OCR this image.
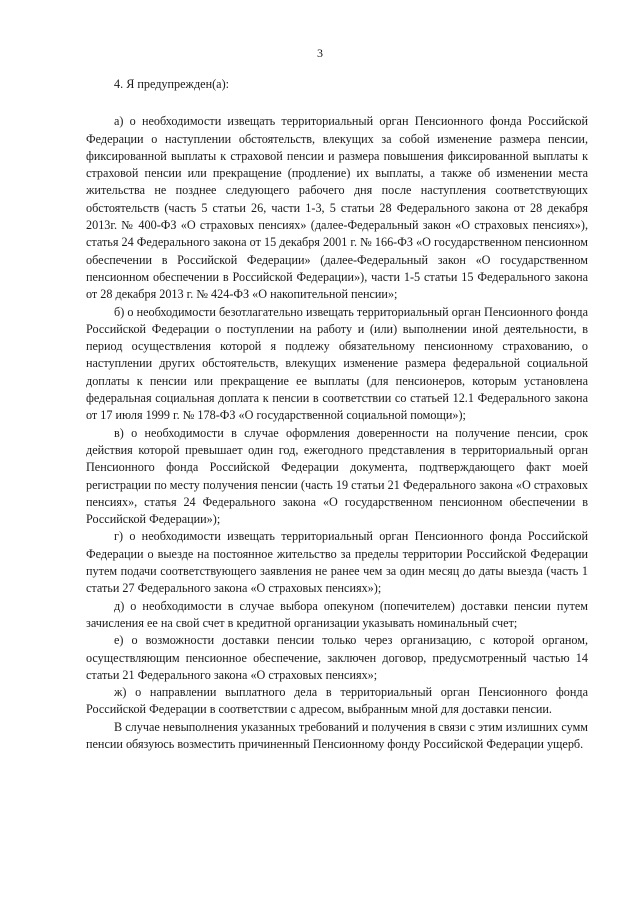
3

4. Я предупрежден(а):

а) о необходимости извещать территориальный орган Пенсионного фонда Российской Федерации о наступлении обстоятельств, влекущих за собой изменение размера пенсии, фиксированной выплаты к страховой пенсии и размера повышения фиксированной выплаты к страховой пенсии или прекращение (продление) их выплаты, а также об изменении места жительства не позднее следующего рабочего дня после наступления соответствующих обстоятельств (часть 5 статьи 26, части 1-3, 5 статьи 28 Федерального закона от 28 декабря 2013г. № 400-ФЗ «О страховых пенсиях» (далее-Федеральный закон «О страховых пенсиях»), статья 24 Федерального закона от 15 декабря 2001 г. № 166-ФЗ «О государственном пенсионном обеспечении в Российской Федерации» (далее-Федеральный закон «О государственном пенсионном обеспечении в Российской Федерации»), части 1-5 статьи 15 Федерального закона от 28 декабря 2013 г. № 424-ФЗ «О накопительной пенсии»;

б) о необходимости безотлагательно извещать территориальный орган Пенсионного фонда Российской Федерации о поступлении на работу и (или) выполнении иной деятельности, в период осуществления которой я подлежу обязательному пенсионному страхованию, о наступлении других обстоятельств, влекущих изменение размера федеральной социальной доплаты к пенсии или прекращение ее выплаты (для пенсионеров, которым установлена федеральная социальная доплата к пенсии в соответствии со статьей 12.1 Федерального закона от 17 июля 1999 г. № 178-ФЗ «О государственной социальной помощи»);

в) о необходимости в случае оформления доверенности на получение пенсии, срок действия которой превышает один год, ежегодного представления в территориальный орган Пенсионного фонда Российской Федерации документа, подтверждающего факт моей регистрации по месту получения пенсии (часть 19 статьи 21 Федерального закона «О страховых пенсиях», статья 24 Федерального закона «О государственном пенсионном обеспечении в Российской Федерации»);

г) о необходимости извещать территориальный орган Пенсионного фонда Российской Федерации о выезде на постоянное жительство за пределы территории Российской Федерации путем подачи соответствующего заявления не ранее чем за один месяц до даты выезда (часть 1 статьи 27 Федерального закона «О страховых пенсиях»);

д) о необходимости в случае выбора опекуном (попечителем) доставки пенсии путем зачисления ее на свой счет в кредитной организации указывать номинальный счет;

е) о возможности доставки пенсии только через организацию, с которой органом, осуществляющим пенсионное обеспечение, заключен договор, предусмотренный частью 14 статьи 21 Федерального закона «О страховых пенсиях»;

ж) о направлении выплатного дела в территориальный орган Пенсионного фонда Российской Федерации в соответствии с адресом, выбранным мной для доставки пенсии.

В случае невыполнения указанных требований и получения в связи с этим излишних сумм пенсии обязуюсь возместить причиненный Пенсионному фонду Российской Федерации ущерб.
